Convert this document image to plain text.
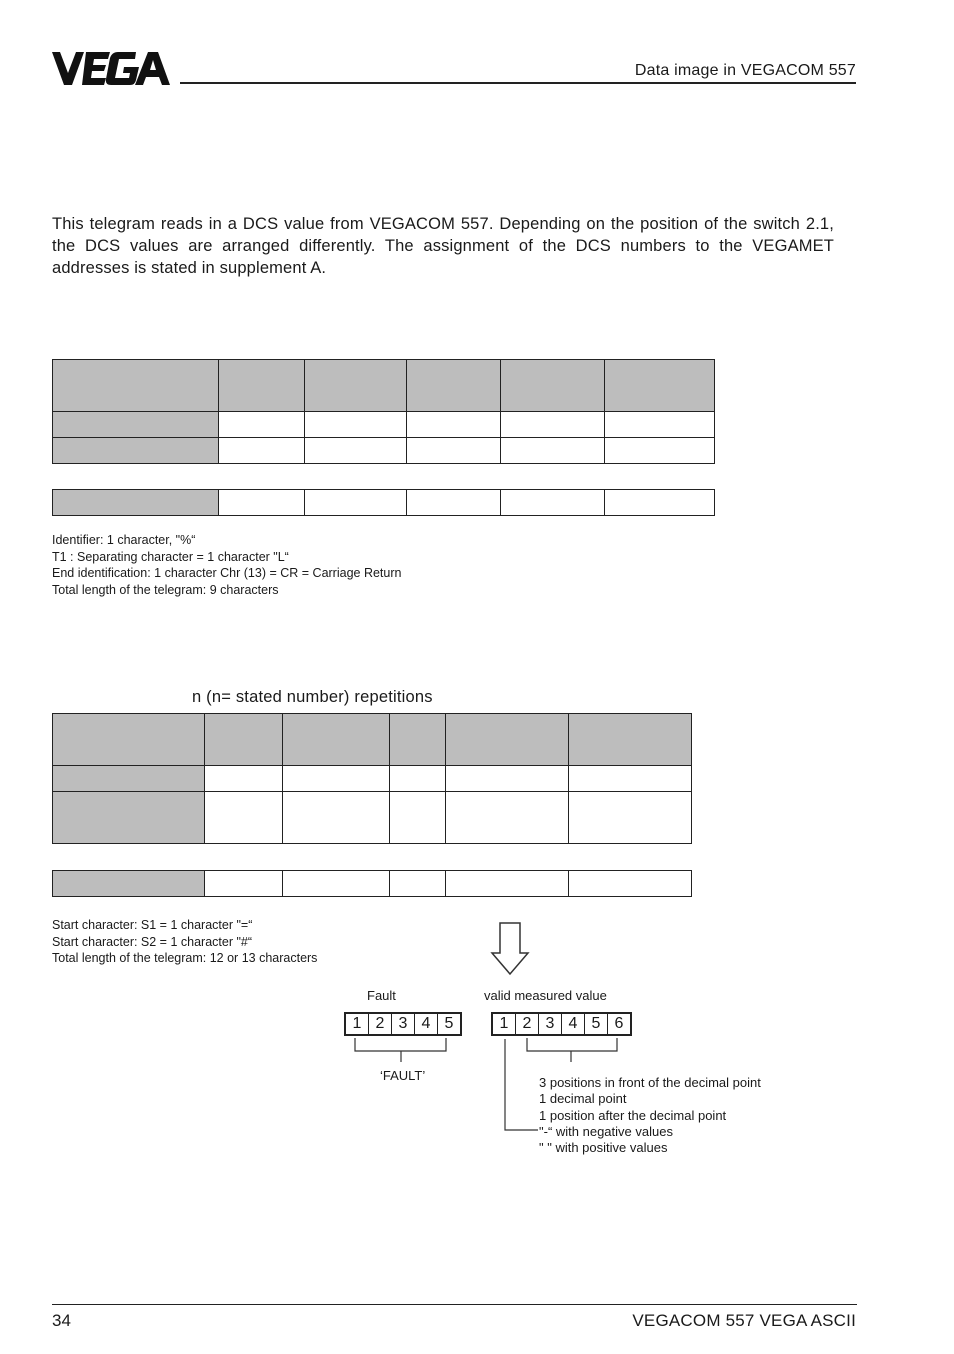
Data image in VEGACOM 557
This telegram reads in a DCS value from VEGACOM 557. Depending on the position of the switch 2.1, the DCS values are arranged differently. The assignment of the DCS numbers to the VEGAMET addresses is stated in supplement A.

Identifier: 1 character, "%“
T1 : Separating character = 1 character "L“
End identification: 1 character Chr (13) = CR = Carriage Return
Total length of the telegram: 9 characters
n (n= stated number) repetitions

Start character: S1 = 1 character "=“
Start character: S2 = 1 character "#“
Total length of the telegram: 12 or 13 characters
Fault	valid measured value
1 2 3 4 5	1 2 3 4 5 6
‘FAULT’	3 positions in front of the decimal point
1 decimal point
1 position after the decimal point
"-“ with negative values
" " with positive values
34	VEGACOM 557 VEGA ASCII
